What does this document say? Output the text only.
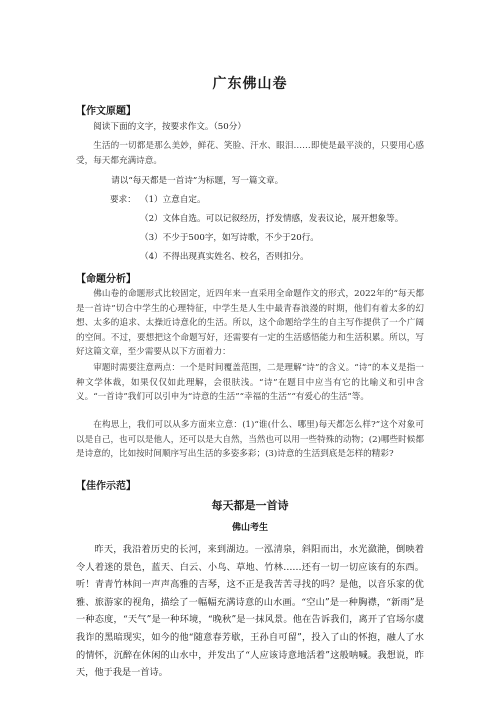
广东佛山卷
【作文原题】
阅读下面的文字，按要求作文。（50分）
生活的一切都是那么美妙，鲜花、笑脸、汗水、眼泪……即使是最平淡的，只要用心感受，每天都充满诗意。
请以“每天都是一首诗”为标题，写一篇文章。
要求： （1）立意自定。
（2）文体自选。可以记叙经历，抒发情感，发表议论，展开想象等。
（3）不少于500字，如写诗歌，不少于20行。
（4）不得出现真实姓名、校名，否则扣分。
【命题分析】
佛山卷的命题形式比较固定，近四年来一直采用全命题作文的形式，2022年的“每天都是一首诗”切合中学生的心理特征，中学生是人生中最青春浪漫的时期，他们有着太多的幻想、太多的追求、太操近诗意化的生活。所以，这个命题给学生的自主写作提供了一个广阔的空间。不过，要想把这个命题写好，还需要有一定的生活感悟能力和生活积累。所以，写好这篇文章，至少需要从以下方面着力：
审题时需要注意两点：一个是时间覆盖范围，二是理解“诗”的含义。“诗”的本义是指一种文学体裁，如果仅仅如此理解，会很肤浅。“诗”在题目中应当有它的比喻义和引申含义。“一首诗”我们可以引申为“诗意的生活”“幸福的生活”“有爱心的生活”等。
在构思上，我们可以从多方面来立意：(1)“谁(什么、哪里)每天都怎么样?”这个对象可以是自己，也可以是他人，还可以是大自然，当然也可以用一些特殊的动物；(2)哪些时候都是诗意的，比如按时间顺序写出生活的多姿多彩；(3)诗意的生活到底是怎样的精彩?
【佳作示范】
每天都是一首诗
佛山考生
昨天，我沿着历史的长河，来到湖边。一泓清泉，斜阳而出，水光潋滟，倒映着令人着迷的景色，蓝天、白云、小鸟、草地、竹林……还有一切一切应该有的东西。听！青青竹林间一声声高雅的吉琴，这不正是我苦苦寻找的吗？是他，以音乐家的优雅、旅游家的视角，描绘了一幅幅充满诗意的山水画。“空山”是一种胸襟，“新雨”是一种态度，“天气”是一种环境，“晚秋”是一抹风景。他在告诉我们，离开了官场尔虞我诈的黑暗现实，如今的他“随意春芳歇，王孙自可留”，投入了山的怀抱，融人了水的情怀，沉醉在休闲的山水中，并发出了“人应该诗意地活着”这般呐喊。我想说，昨天，他于我是一首诗。
